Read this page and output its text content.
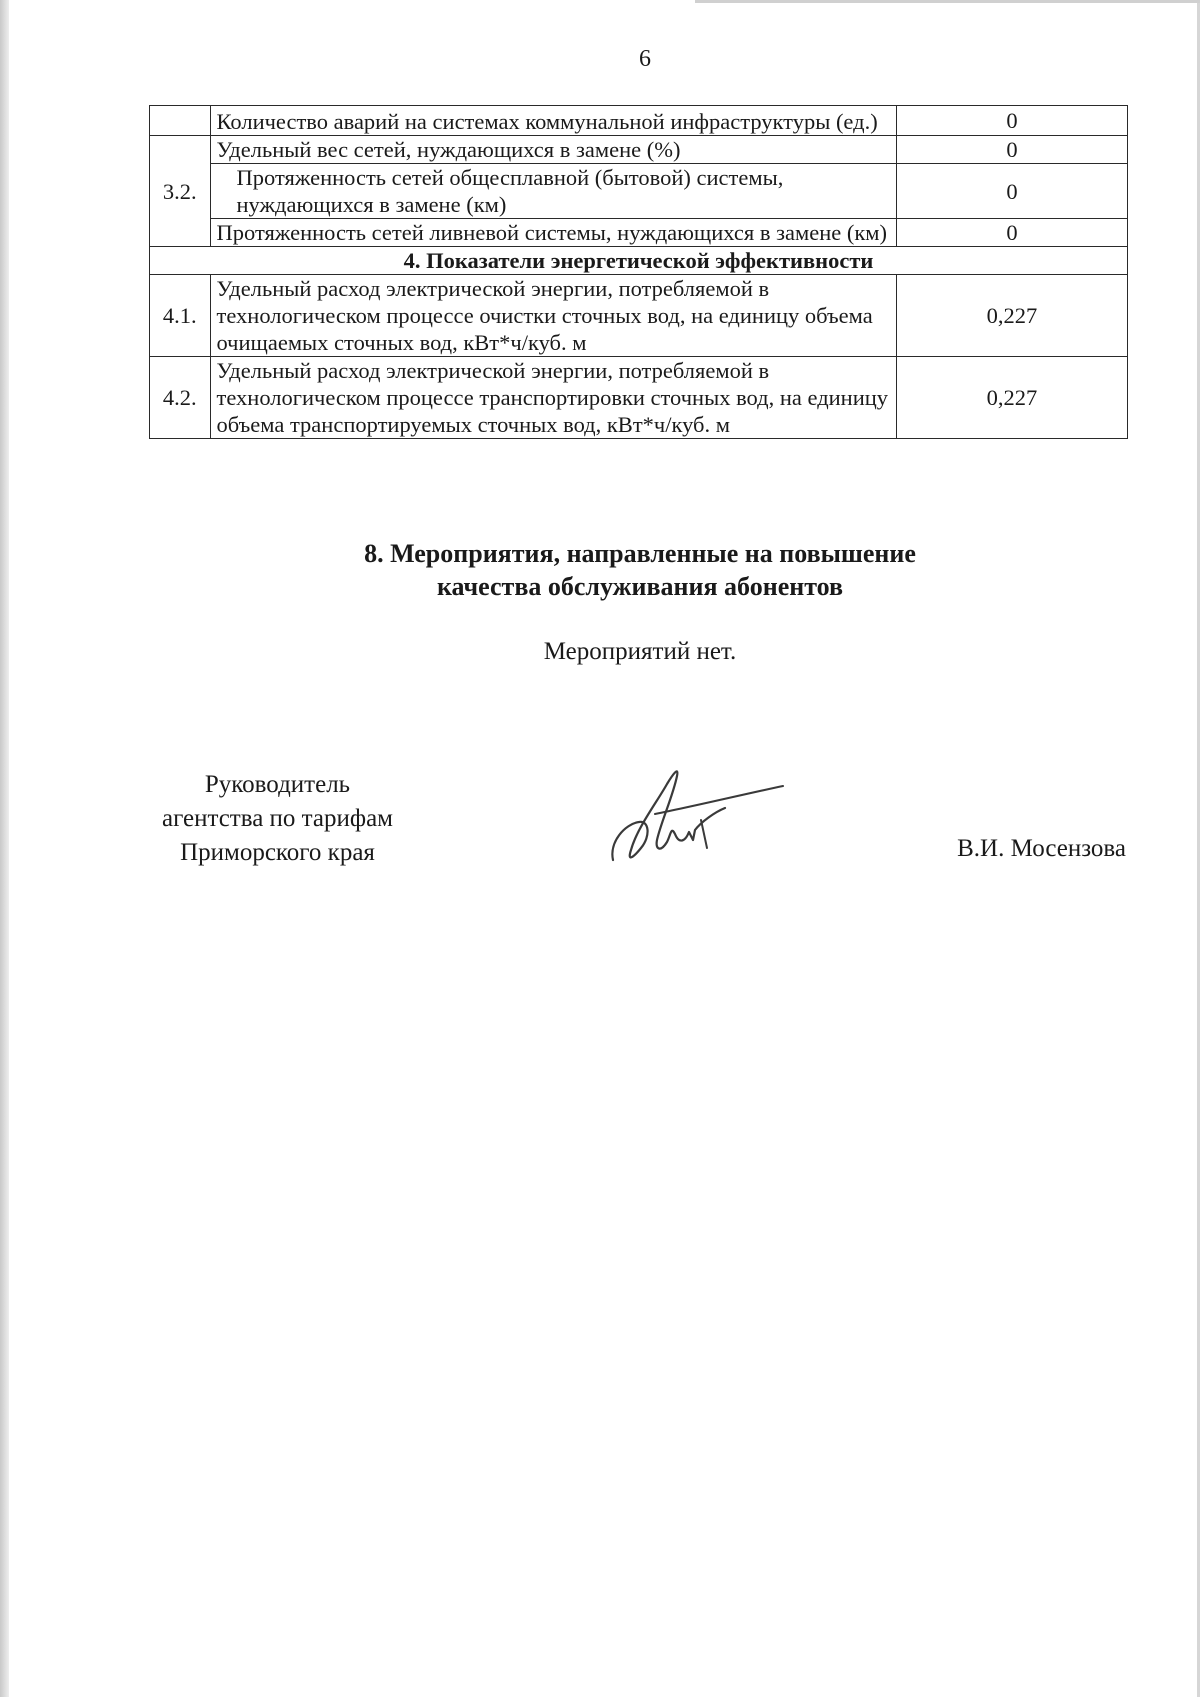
6
	Количество аварий на системах коммунальной инфраструктуры (ед.)	0
3.2.	Удельный вес сетей, нуждающихся в замене (%)	0
	Протяженность сетей общесплавной (бытовой) системы, нуждающихся в замене (км)	0
	Протяженность сетей ливневой системы, нуждающихся в замене (км)	0
4. Показатели энергетической эффективности		
4.1.	Удельный расход электрической энергии, потребляемой в технологическом процессе очистки сточных вод, на единицу объема очищаемых сточных вод, кВт*ч/куб. м	0,227
4.2.	Удельный расход электрической энергии, потребляемой в технологическом процессе транспортировки сточных вод, на единицу объема транспортируемых сточных вод, кВт*ч/куб. м	0,227
8. Мероприятия, направленные на повышение
качества обслуживания абонентов
Мероприятий нет.
Руководитель
агентства по тарифам
Приморского края	В.И. Мосензова
